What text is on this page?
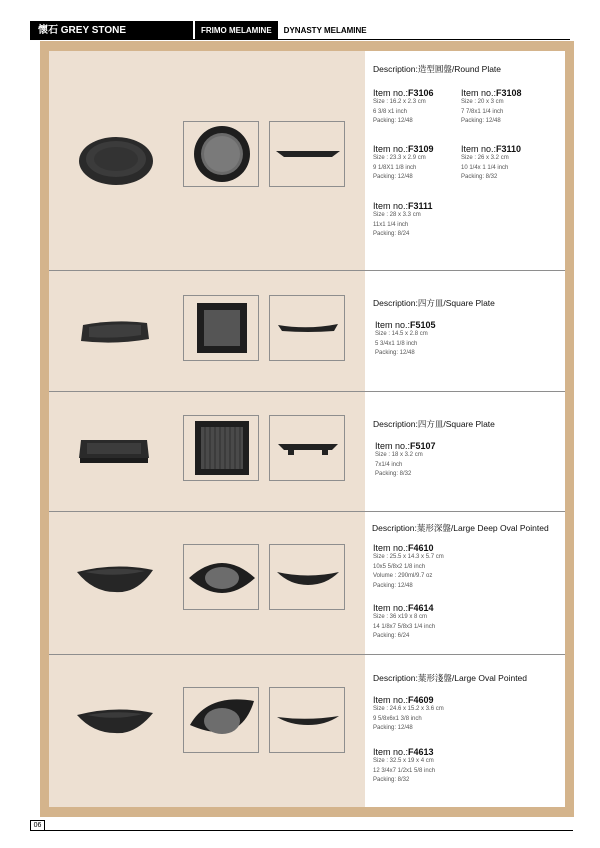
懷石 GREY STONE	FRIMO MELAMINE	DYNASTY MELAMINE
Description:造型圓盤/Round Plate
Item no.:F3106
Size : 16.2 x 2.3 cm
6 3/8 x1 inch
Packing: 12/48
Item no.:F3108
Size : 20 x 3 cm
7 7/8x1 1/4 inch
Packing: 12/48
Item no.:F3109
Size : 23.3 x 2.9 cm
9 1/8X1 1/8 inch
Packing: 12/48
Item no.:F3110
Size : 26 x 3.2 cm
10 1/4x 1 1/4 inch
Packing: 8/32
Item no.:F3111
Size : 28 x 3.3 cm
11x1 1/4 inch
Packing: 8/24
Description:四方皿/Square Plate
Item no.:F5105
Size : 14.5 x 2.8 cm
5 3/4x1 1/8 inch
Packing: 12/48
Description:四方皿/Square Plate
Item no.:F5107
Size : 18 x 3.2 cm
7x1/4 inch
Packing: 8/32
Description:葉形深盤/Large Deep Oval Pointed
Item no.:F4610
Size : 25.5 x 14.3 x 5.7 cm
10x5 5/8x2 1/8 inch
Volume : 290ml/9.7 oz
Packing: 12/48
Item no.:F4614
Size : 36 x19 x 8 cm
14 1/8x7 5/8x3 1/4 inch
Packing: 6/24
Description:葉形淺盤/Large Oval Pointed
Item no.:F4609
Size : 24.6 x 15.2 x 3.6 cm
9 5/8x6x1 3/8 inch
Packing: 12/48
Item no.:F4613
Size : 32.5 x 19 x 4 cm
12 3/4x7 1/2x1 5/8 inch
Packing: 8/32
06
